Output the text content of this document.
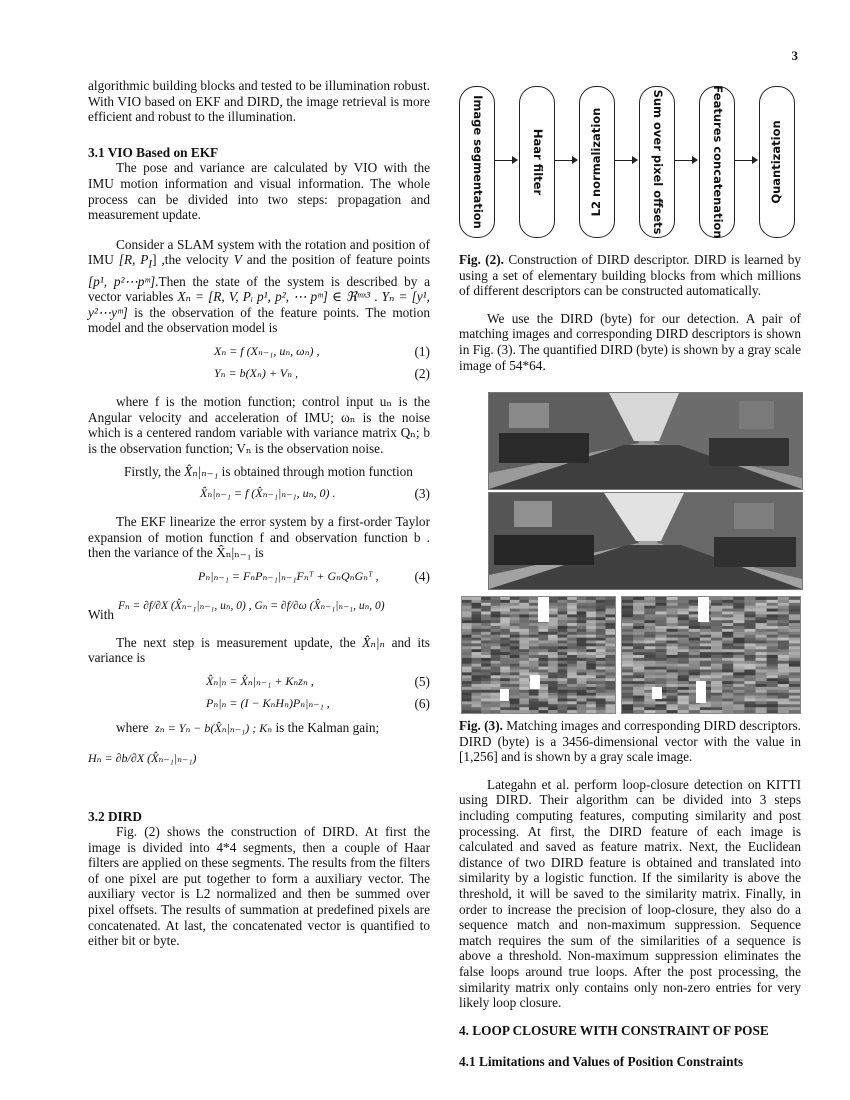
3

algorithmic building blocks and tested to be illumination robust. With VIO based on EKF and DIRD, the image retrieval is more efficient and robust to the illumination.

3.1 VIO Based on EKF

The pose and variance are calculated by VIO with the IMU motion information and visual information. The whole process can be divided into two steps: propagation and measurement update.

Consider a SLAM system with the rotation and position of IMU [R, $P_I$] ,the velocity V and the position of feature points [p¹, p²⋯pᵐ].Then the state of the system is described by a vector variables Xₙ = [R, V, Pᵢ p¹, p², ⋯ pᵐ] ∈ ℜᵐˣ³ . Yₙ = [y¹, y²⋯yᵐ] is the observation of the feature points. The motion model and the observation model is

Xₙ = f (Xₙ₋₁, uₙ, ωₙ) ,	(1)
Yₙ = b(Xₙ) + Vₙ ,	(2)

where f is the motion function; control input uₙ is the Angular velocity and acceleration of IMU; ωₙ is the noise which is a centered random variable with variance matrix Qₙ; b is the observation function; Vₙ is the observation noise.

Firstly, the X̂ₙ|ₙ₋₁ is obtained through motion function

X̂ₙ|ₙ₋₁ = f (X̂ₙ₋₁|ₙ₋₁, uₙ, 0) .	(3)

The EKF linearize the error system by a first-order Taylor expansion of motion function f and observation function b . then the variance of the X̂ₙ|ₙ₋₁ is

Pₙ|ₙ₋₁ = FₙPₙ₋₁|ₙ₋₁Fₙᵀ + GₙQₙGₙᵀ ,	(4)
With
Fₙ = ∂f/∂X (X̂ₙ₋₁|ₙ₋₁, uₙ, 0) , Gₙ = ∂f/∂ω (X̂ₙ₋₁|ₙ₋₁, uₙ, 0)

The next step is measurement update, the X̂ₙ|ₙ and its variance is

X̂ₙ|ₙ = X̂ₙ|ₙ₋₁ + Kₙzₙ ,	(5)
Pₙ|ₙ = (I − KₙHₙ)Pₙ|ₙ₋₁ ,	(6)

where zₙ = Yₙ − b(X̂ₙ|ₙ₋₁) ; Kₙ is the Kalman gain;

Hₙ = ∂b/∂X (X̂ₙ₋₁|ₙ₋₁)
3.2 DIRD

Fig. (2) shows the construction of DIRD. At first the image is divided into 4*4 segments, then a couple of Haar filters are applied on these segments. The results from the filters of one pixel are put together to form a auxiliary vector. The auxiliary vector is L2 normalized and then be summed over pixel offsets. The results of summation at predefined pixels are concatenated. At last, the concatenated vector is quantified to either bit or byte.

Image segmentation	Haar filter	L2 normalization	Sum over pixel offsets	Features concatenation	Quantization

Fig. (2). Construction of DIRD descriptor. DIRD is learned by using a set of elementary building blocks from which millions of different descriptors can be constructed automatically.

We use the DIRD (byte) for our detection. A pair of matching images and corresponding DIRD descriptors is shown in Fig. (3). The quantified DIRD (byte) is shown by a gray scale image of 54*64.

Fig. (3). Matching images and corresponding DIRD descriptors. DIRD (byte) is a 3456-dimensional vector with the value in [1,256] and is shown by a gray scale image.

Lategahn et al. perform loop-closure detection on KITTI using DIRD. Their algorithm can be divided into 3 steps including computing features, computing similarity and post processing. At first, the DIRD feature of each image is calculated and saved as feature matrix. Next, the Euclidean distance of two DIRD feature is obtained and translated into similarity by a logistic function. If the similarity is above the threshold, it will be saved to the similarity matrix. Finally, in order to increase the precision of loop-closure, they also do a sequence match and non-maximum suppression. Sequence match requires the sum of the similarities of a sequence is above a threshold. Non-maximum suppression eliminates the false loops around true loops. After the post processing, the similarity matrix only contains only non-zero entries for very likely loop closure.

4. LOOP CLOSURE WITH CONSTRAINT OF POSE
4.1 Limitations and Values of Position Constraints
